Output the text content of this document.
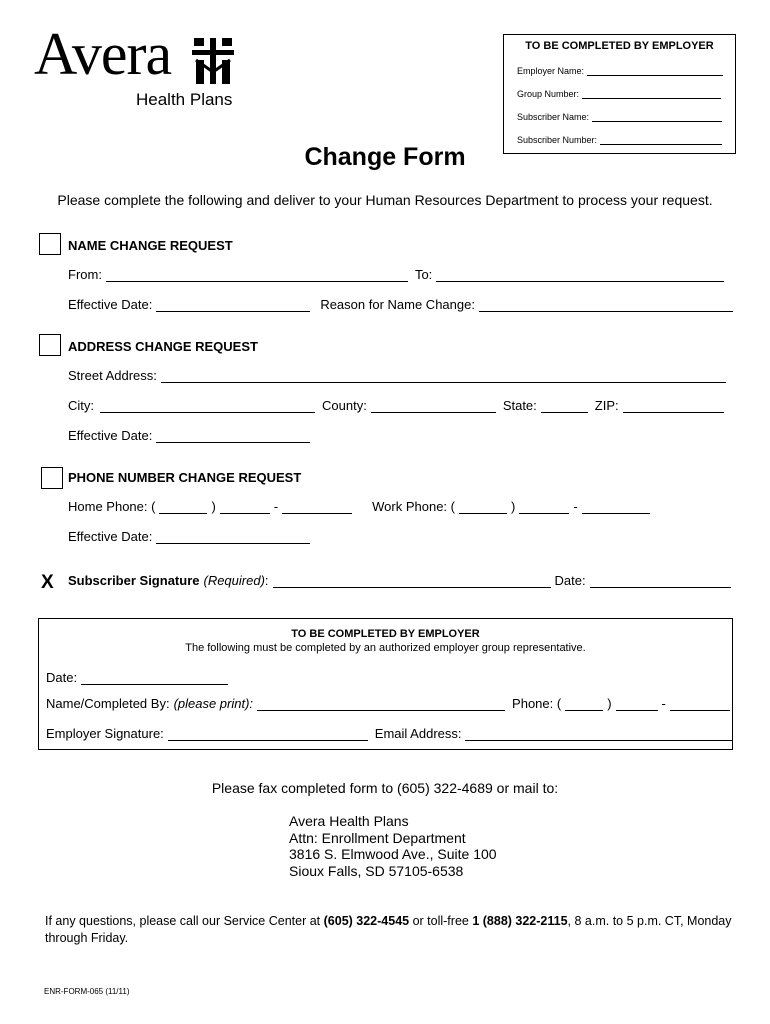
Avera
Health Plans
TO BE COMPLETED BY EMPLOYER
Employer Name:
Group Number:
Subscriber Name:
Subscriber Number:
Change Form
Please complete the following and deliver to your Human Resources Department to process your request.
NAME CHANGE REQUEST
From:	To:
Effective Date:	Reason for Name Change:
ADDRESS CHANGE REQUEST
Street Address:
City:	County:	State:	ZIP:
Effective Date:
PHONE NUMBER CHANGE REQUEST
Home Phone: (	)	-	Work Phone: (	)	-
Effective Date:
X Subscriber Signature (Required) :	Date:
TO BE COMPLETED BY EMPLOYER
The following must be completed by an authorized employer group representative.
Date:
Name/Completed By: (please print):	Phone: (	)	-
Employer Signature:	Email Address:
Please fax completed form to (605) 322-4689 or mail to:
Avera Health Plans
Attn: Enrollment Department
3816 S. Elmwood Ave., Suite 100
Sioux Falls, SD 57105-6538
If any questions, please call our Service Center at (605) 322-4545 or toll-free 1 (888) 322-2115, 8 a.m. to 5 p.m. CT, Monday through Friday.
ENR-FORM-065 (11/11)
